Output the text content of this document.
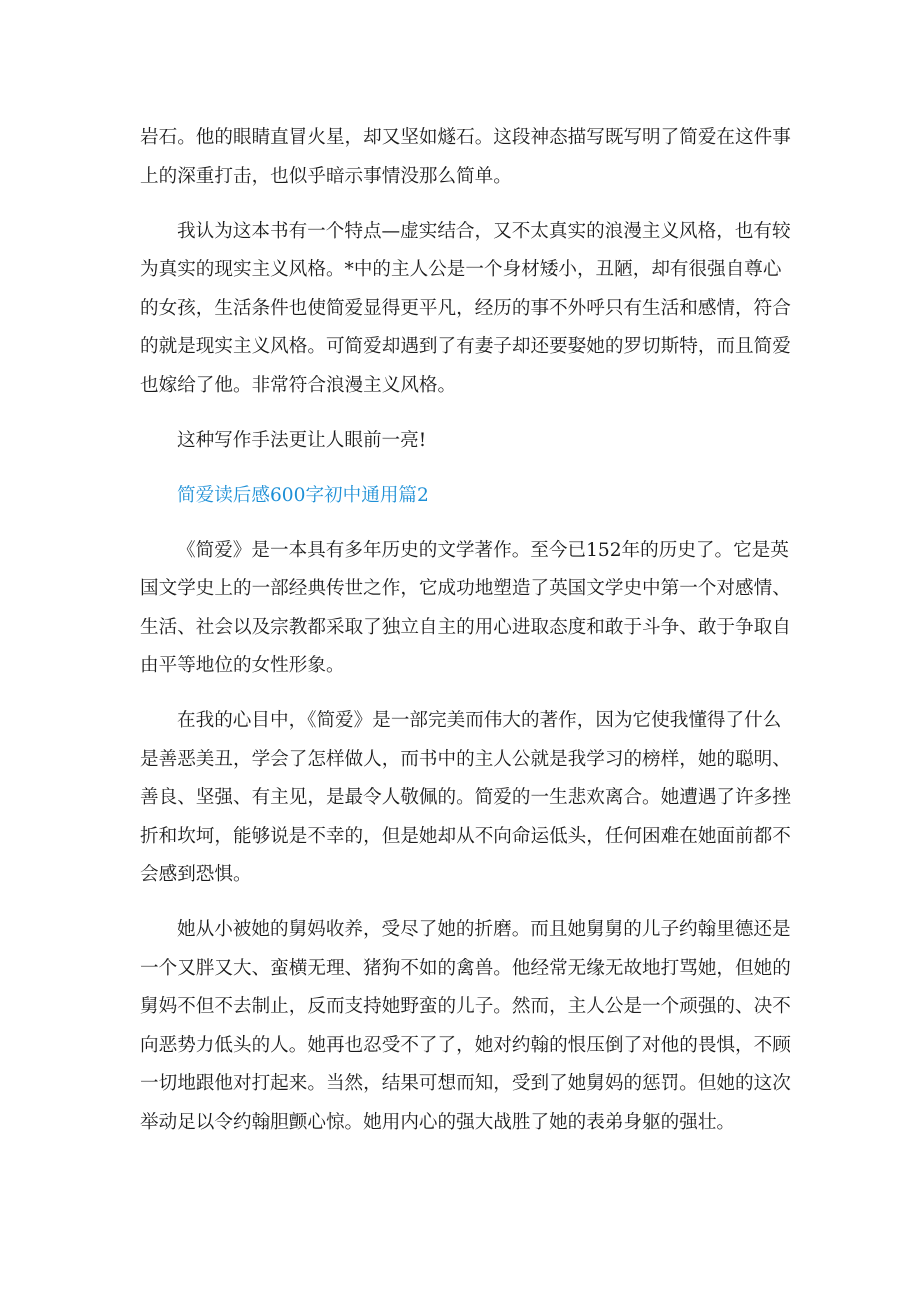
岩石。他的眼睛直冒火星，却又坚如燧石。这段神态描写既写明了简爱在这件事
上的深重打击，也似乎暗示事情没那么简单。
我认为这本书有一个特点—虚实结合，又不太真实的浪漫主义风格，也有较
为真实的现实主义风格。*中的主人公是一个身材矮小，丑陋，却有很强自尊心
的女孩，生活条件也使简爱显得更平凡，经历的事不外呼只有生活和感情，符合
的就是现实主义风格。可简爱却遇到了有妻子却还要娶她的罗切斯特，而且简爱
也嫁给了他。非常符合浪漫主义风格。
这种写作手法更让人眼前一亮!
简爱读后感600字初中通用篇2
《简爱》是一本具有多年历史的文学著作。至今已152年的历史了。它是英
国文学史上的一部经典传世之作，它成功地塑造了英国文学史中第一个对感情、
生活、社会以及宗教都采取了独立自主的用心进取态度和敢于斗争、敢于争取自
由平等地位的女性形象。
在我的心目中，《简爱》是一部完美而伟大的著作，因为它使我懂得了什么
是善恶美丑，学会了怎样做人，而书中的主人公就是我学习的榜样，她的聪明、
善良、坚强、有主见，是最令人敬佩的。简爱的一生悲欢离合。她遭遇了许多挫
折和坎坷，能够说是不幸的，但是她却从不向命运低头，任何困难在她面前都不
会感到恐惧。
她从小被她的舅妈收养，受尽了她的折磨。而且她舅舅的儿子约翰里德还是
一个又胖又大、蛮横无理、猪狗不如的禽兽。他经常无缘无故地打骂她，但她的
舅妈不但不去制止，反而支持她野蛮的儿子。然而，主人公是一个顽强的、决不
向恶势力低头的人。她再也忍受不了了，她对约翰的恨压倒了对他的畏惧，不顾
一切地跟他对打起来。当然，结果可想而知，受到了她舅妈的惩罚。但她的这次
举动足以令约翰胆颤心惊。她用内心的强大战胜了她的表弟身躯的强壮。
